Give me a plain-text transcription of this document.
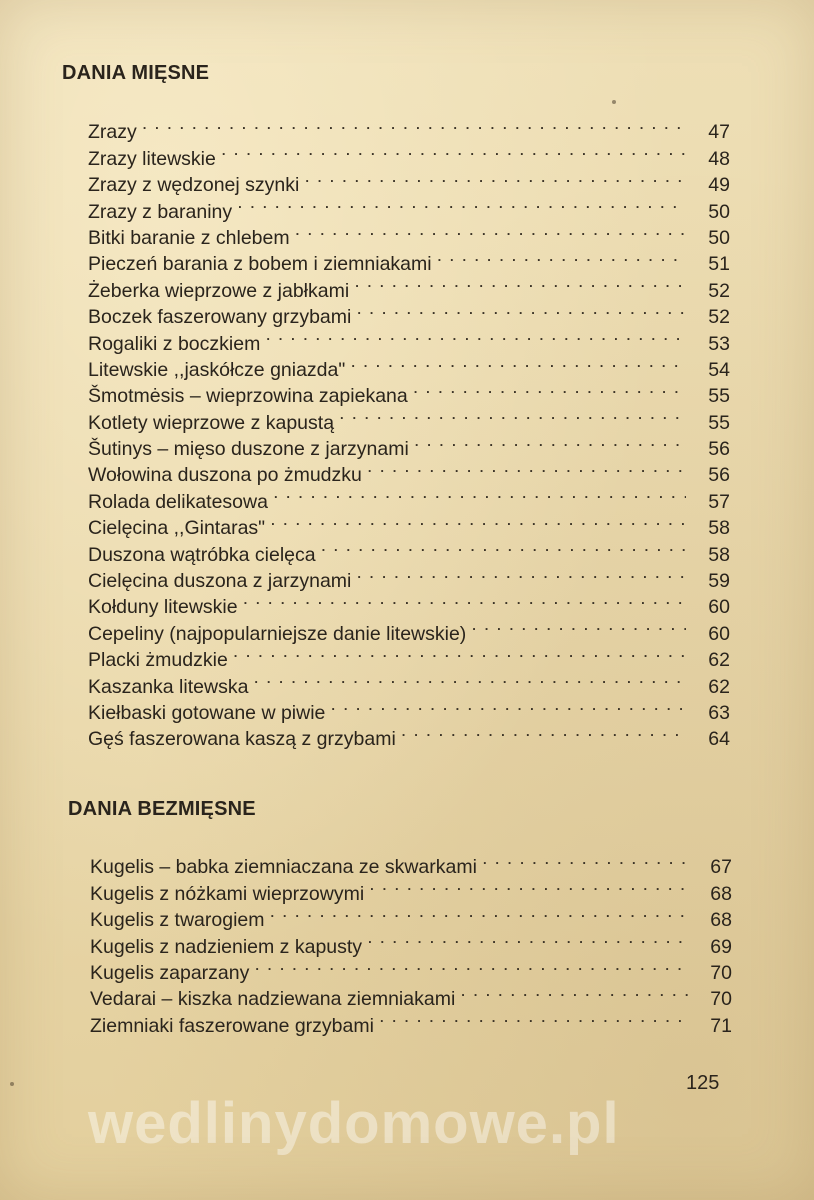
DANIA MIĘSNE
Zrazy . . .	47
Zrazy litewskie . . .	48
Zrazy z wędzonej szynki . . .	49
Zrazy z baraniny . . .	50
Bitki baranie z chlebem . . .	50
Pieczeń barania z bobem i ziemniakami . . .	51
Żeberka wieprzowe z jabłkami . . .	52
Boczek faszerowany grzybami . . .	52
Rogaliki z boczkiem . . .	53
Litewskie ,,jaskółcze gniazda" . . .	54
Šmotmėsis – wieprzowina zapiekana . . .	55
Kotlety wieprzowe z kapustą . . .	55
Šutinys – mięso duszone z jarzynami . . .	56
Wołowina duszona po żmudzku . . .	56
Rolada delikatesowa . . .	57
Cielęcina ,,Gintaras" . . .	58
Duszona wątróbka cielęca . . .	58
Cielęcina duszona z jarzynami . . .	59
Kołduny litewskie . . .	60
Cepeliny (najpopularniejsze danie litewskie) . . .	60
Placki żmudzkie . . .	62
Kaszanka litewska . . .	62
Kiełbaski gotowane w piwie . . .	63
Gęś faszerowana kaszą z grzybami . . .	64
DANIA BEZMIĘSNE
Kugelis – babka ziemniaczana ze skwarkami . . .	67
Kugelis z nóżkami wieprzowymi . . .	68
Kugelis z twarogiem . . .	68
Kugelis z nadzieniem z kapusty . . .	69
Kugelis zaparzany . . .	70
Vedarai – kiszka nadziewana ziemniakami . . .	70
Ziemniaki faszerowane grzybami . . .	71
125
wedlinydomowe.pl
